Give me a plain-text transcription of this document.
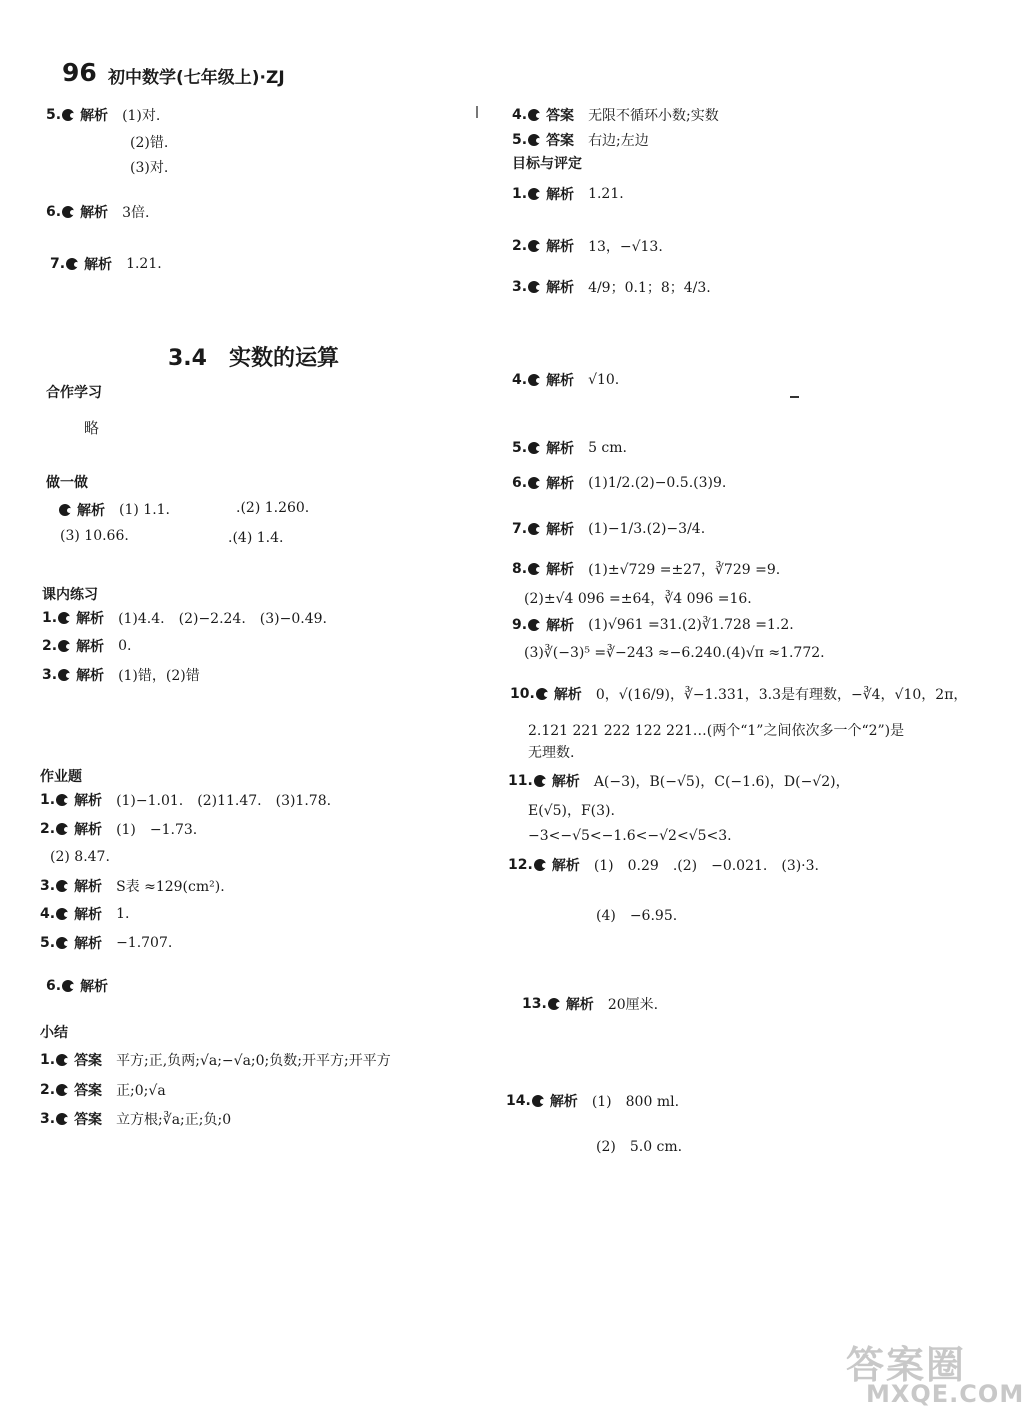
96 初中数学(七年级上)·ZJ
5. 解析 (1)对.
(2)错.
(3)对.
6. 解析 3倍.
7. 解析 1.21.
3.4　实数的运算
合作学习
略
做一做
解析 (1) 1.1.	.(2) 1.260.
(3) 10.66.	.(4) 1.4.
课内练习
1. 解析 (1)4.4.　(2)−2.24.　(3)−0.49.
2. 解析 0.
3. 解析 (1)错，(2)错
作业题
1. 解析 (1)−1.01.　(2)11.47.　(3)1.78.
2. 解析 (1)　−1.73.
(2) 8.47.
3. 解析 S表 ≈129(cm²).
4. 解析 1.
5. 解析 −1.707.
6. 解析
小结
1. 答案 平方;正,负两;√a;−√a;0;负数;开平方;开平方
2. 答案 正;0;√a
3. 答案 立方根;∛a;正;负;0
4. 答案 无限不循环小数;实数
5. 答案 右边;左边
目标与评定
1. 解析 1.21.
2. 解析 13，−√13.
3. 解析 4/9；0.1；8；4/3.
4. 解析 √10.
5. 解析 5 cm.
6. 解析 (1)1/2.(2)−0.5.(3)9.
7. 解析 (1)−1/3.(2)−3/4.
8. 解析 (1)±√729 =±27，∛729 =9.
(2)±√4 096 =±64，∛4 096 =16.
9. 解析 (1)√961 =31.(2)∛1.728 =1.2.
(3)∛(−3)⁵ =∛−243 ≈−6.240.(4)√π ≈1.772.
10. 解析 0，√(16/9)，∛−1.331，3.3是有理数，−∛4，√10，2π，
2.121 221 222 122 221…(两个“1”之间依次多一个“2”)是
无理数.
11. 解析 A(−3)，B(−√5)，C(−1.6)，D(−√2)，
E(√5)，F(3).
−3<−√5<−1.6<−√2<√5<3.
12. 解析 (1)　0.29　.(2)　−0.021.　(3)·3.
(4)　−6.95.
13. 解析 20厘米.
14. 解析 (1)　800 ml.
(2)　5.0 cm.
答案圈
MXQE.COM
